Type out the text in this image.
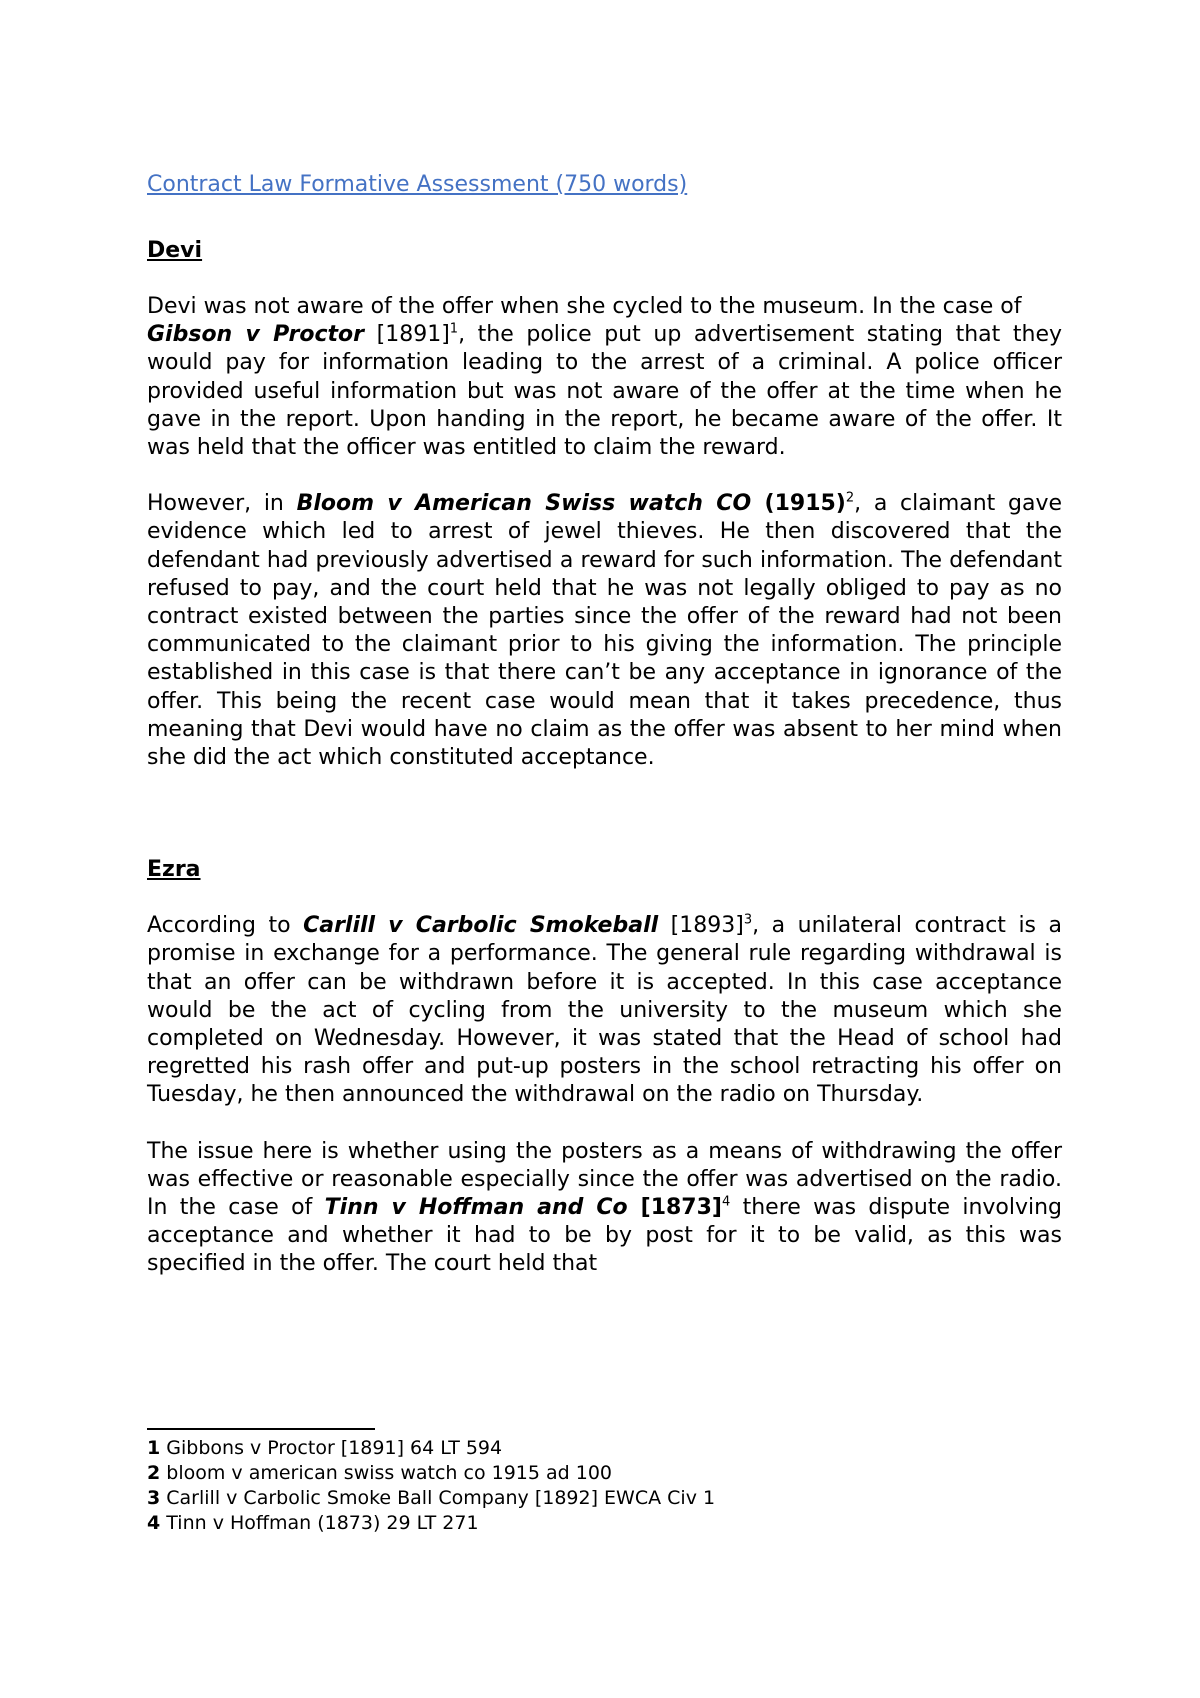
Contract Law Formative Assessment (750 words)
Devi

Devi was not aware of the offer when she cycled to the museum. In the case of

Gibson v Proctor $[1891]^1$, the police put up advertisement stating that they would pay for information leading to the arrest of a criminal. A police officer provided useful information but was not aware of the offer at the time when he gave in the report. Upon handing in the report, he became aware of the offer. It was held that the officer was entitled to claim the reward.

However, in Bloom v American Swiss watch CO $(1915)^2$, a claimant gave evidence which led to arrest of jewel thieves. He then discovered that the defendant had previously advertised a reward for such information. The defendant refused to pay, and the court held that he was not legally obliged to pay as no contract existed between the parties since the offer of the reward had not been communicated to the claimant prior to his giving the information. The principle established in this case is that there can’t be any acceptance in ignorance of the offer. This being the recent case would mean that it takes precedence, thus meaning that Devi would have no claim as the offer was absent to her mind when she did the act which constituted acceptance.

Ezra

According to Carlill v Carbolic Smokeball $[1893]^3$, a unilateral contract is a promise in exchange for a performance. The general rule regarding withdrawal is that an offer can be withdrawn before it is accepted. In this case acceptance would be the act of cycling from the university to the museum which she completed on Wednesday. However, it was stated that the Head of school had regretted his rash offer and put-up posters in the school retracting his offer on Tuesday, he then announced the withdrawal on the radio on Thursday.

The issue here is whether using the posters as a means of withdrawing the offer was effective or reasonable especially since the offer was advertised on the radio. In the case of Tinn v Hoffman and Co $[1873]^4$ there was dispute involving acceptance and whether it had to be by post for it to be valid, as this was specified in the offer. The court held that

1 Gibbons v Proctor [1891] 64 LT 594

2 bloom v american swiss watch co 1915 ad 100

3 Carlill v Carbolic Smoke Ball Company [1892] EWCA Civ 1

4 Tinn v Hoffman (1873) 29 LT 271
